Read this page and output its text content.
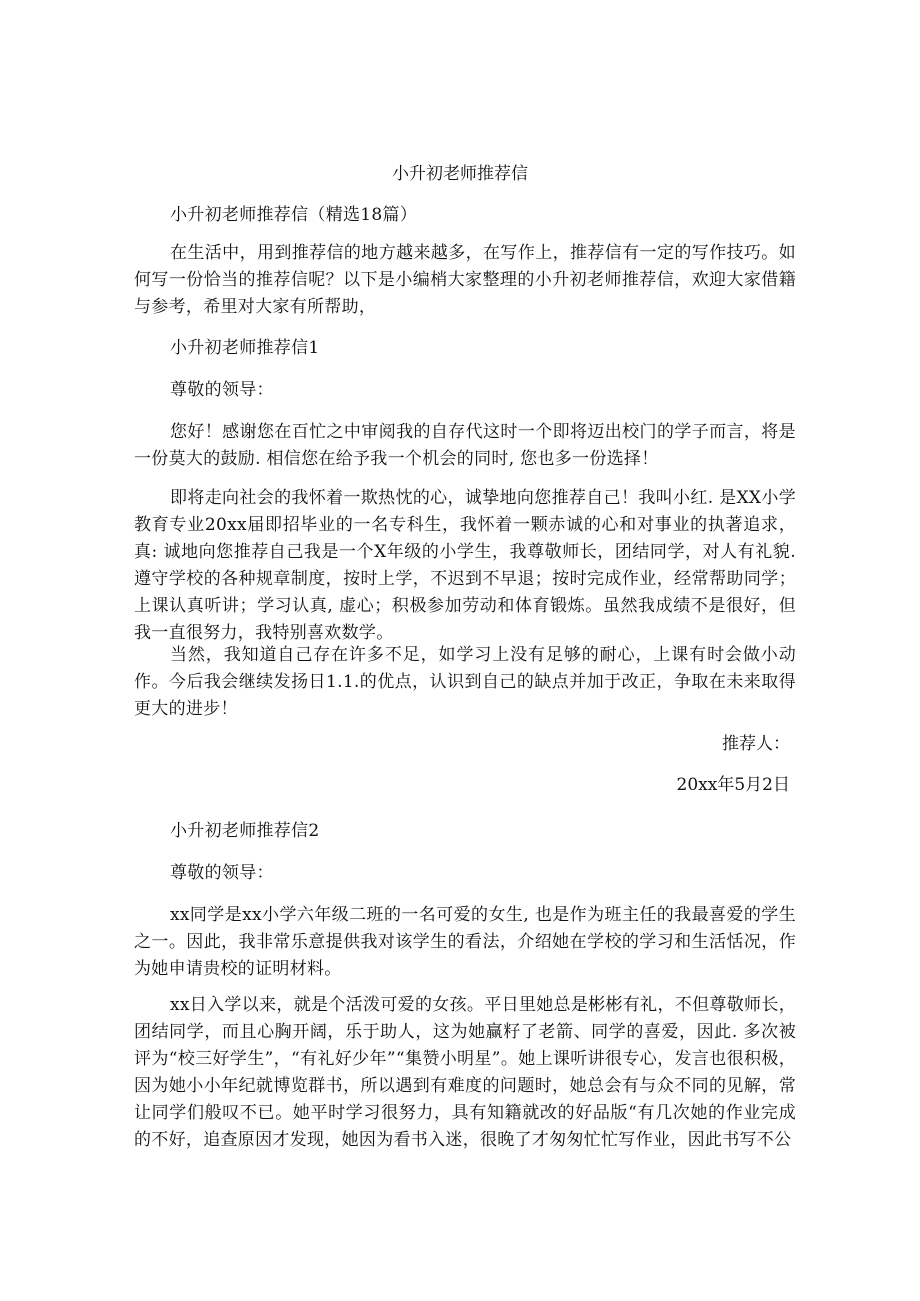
小升初老师推荐信

小升初老师推荐信（精选18篇）

在生活中，用到推荐信的地方越来越多，在写作上，推荐信有一定的写作技巧。如何写一份恰当的推荐信呢？以下是小编梢大家整理的小升初老师推荐信，欢迎大家借籍与参考，希里对大家有所帮助，

小升初老师推荐信1

尊敬的领导：

您好！感谢您在百忙之中审阅我的自存代这时一个即将迈出校门的学子而言，将是一份莫大的鼓励. 相信您在给予我一个机会的同时, 您也多一份选择！

即将走向社会的我怀着一欺热忱的心，诚挚地向您推荐自己！我叫小红. 是XX小学教育专业20xx届即招毕业的一名专科生，我怀着一颗赤诚的心和对事业的执著追求，真: 诚地向您推荐自己我是一个X年级的小学生，我尊敬师长，团结同学，对人有礼貌. 遵守学校的各种规章制度，按时上学，不迟到不早退；按时完成作业，经常帮助同学；上课认真听讲；学习认真, 虚心；积极参加劳动和体育锻炼。虽然我成绩不是很好，但我一直很努力，我特别喜欢数学。

当然，我知道自己存在许多不足，如学习上没有足够的耐心，上课有时会做小动作。今后我会继续发扬日1.1.的优点，认识到自己的缺点并加于改正，争取在未来取得更大的进步！

推荐人：

20xx年5月2日

小升初老师推荐信2

尊敬的领导：

xx同学是xx小学六年级二班的一名可爱的女生, 也是作为班主任的我最喜爱的学生之一。因此，我非常乐意提供我对该学生的看法，介绍她在学校的学习和生活恬况，作为她申请贵校的证明材料。

xx日入学以来，就是个活泼可爱的女孩。平日里她总是彬彬有礼，不但尊敬师长，团结同学，而且心胸开阔，乐于助人，这为她赢籽了老箭、同学的喜爱，因此. 多次被评为“校三好学生”，“有礼好少年”“集赞小明星”。她上课听讲很专心，发言也很积极，因为她小小年纪就博览群书，所以遇到有难度的问题时，她总会有与众不同的见解，常让同学们般叹不已。她平时学习很努力，具有知籍就改的好品版“有几次她的作业完成的不好，追查原因才发现，她因为看书入迷，很晚了才匆匆忙忙写作业，因此书写不公
